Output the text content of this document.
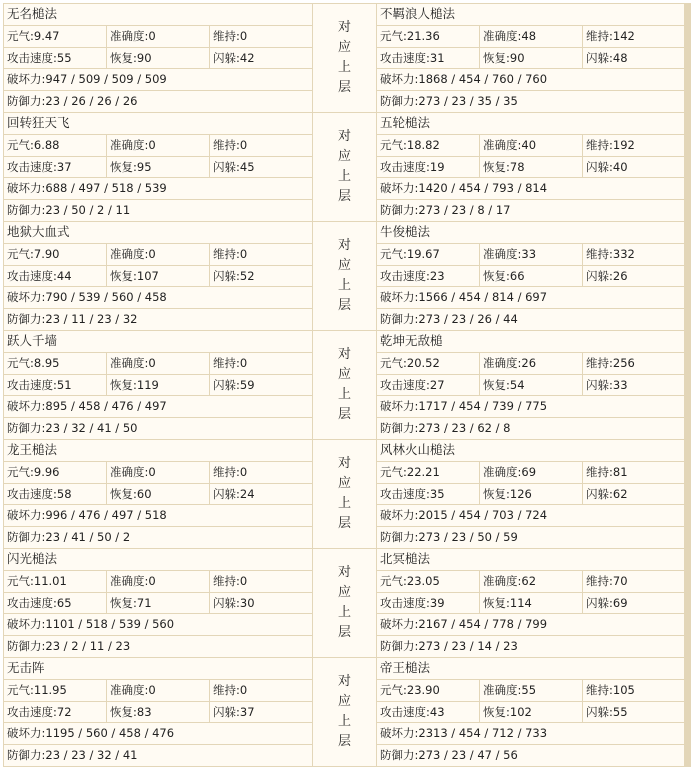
无名槌法
元气:9.47	准确度:0	维持:0
攻击速度:55	恢复:90	闪躲:42
破坏力:947 / 509 / 509 / 509
防御力:23 / 26 / 26 / 26
不羁浪人槌法
元气:21.36	准确度:48	维持:142
攻击速度:31	恢复:90	闪躲:48
破坏力:1868 / 454 / 760 / 760
防御力:273 / 23 / 35 / 35
对
应
上
层
回转狂天飞
元气:6.88	准确度:0	维持:0
攻击速度:37	恢复:95	闪躲:45
破坏力:688 / 497 / 518 / 539
防御力:23 / 50 / 2 / 11
五轮槌法
元气:18.82	准确度:40	维持:192
攻击速度:19	恢复:78	闪躲:40
破坏力:1420 / 454 / 793 / 814
防御力:273 / 23 / 8 / 17
对
应
上
层
地狱大血式
元气:7.90	准确度:0	维持:0
攻击速度:44	恢复:107	闪躲:52
破坏力:790 / 539 / 560 / 458
防御力:23 / 11 / 23 / 32
牛俊槌法
元气:19.67	准确度:33	维持:332
攻击速度:23	恢复:66	闪躲:26
破坏力:1566 / 454 / 814 / 697
防御力:273 / 23 / 26 / 44
对
应
上
层
跃人千墙
元气:8.95	准确度:0	维持:0
攻击速度:51	恢复:119	闪躲:59
破坏力:895 / 458 / 476 / 497
防御力:23 / 32 / 41 / 50
乾坤无敌槌
元气:20.52	准确度:26	维持:256
攻击速度:27	恢复:54	闪躲:33
破坏力:1717 / 454 / 739 / 775
防御力:273 / 23 / 62 / 8
对
应
上
层
龙王槌法
元气:9.96	准确度:0	维持:0
攻击速度:58	恢复:60	闪躲:24
破坏力:996 / 476 / 497 / 518
防御力:23 / 41 / 50 / 2
风林火山槌法
元气:22.21	准确度:69	维持:81
攻击速度:35	恢复:126	闪躲:62
破坏力:2015 / 454 / 703 / 724
防御力:273 / 23 / 50 / 59
对
应
上
层
闪光槌法
元气:11.01	准确度:0	维持:0
攻击速度:65	恢复:71	闪躲:30
破坏力:1101 / 518 / 539 / 560
防御力:23 / 2 / 11 / 23
北冥槌法
元气:23.05	准确度:62	维持:70
攻击速度:39	恢复:114	闪躲:69
破坏力:2167 / 454 / 778 / 799
防御力:273 / 23 / 14 / 23
对
应
上
层
无击阵
元气:11.95	准确度:0	维持:0
攻击速度:72	恢复:83	闪躲:37
破坏力:1195 / 560 / 458 / 476
防御力:23 / 23 / 32 / 41
帝王槌法
元气:23.90	准确度:55	维持:105
攻击速度:43	恢复:102	闪躲:55
破坏力:2313 / 454 / 712 / 733
防御力:273 / 23 / 47 / 56
对
应
上
层
